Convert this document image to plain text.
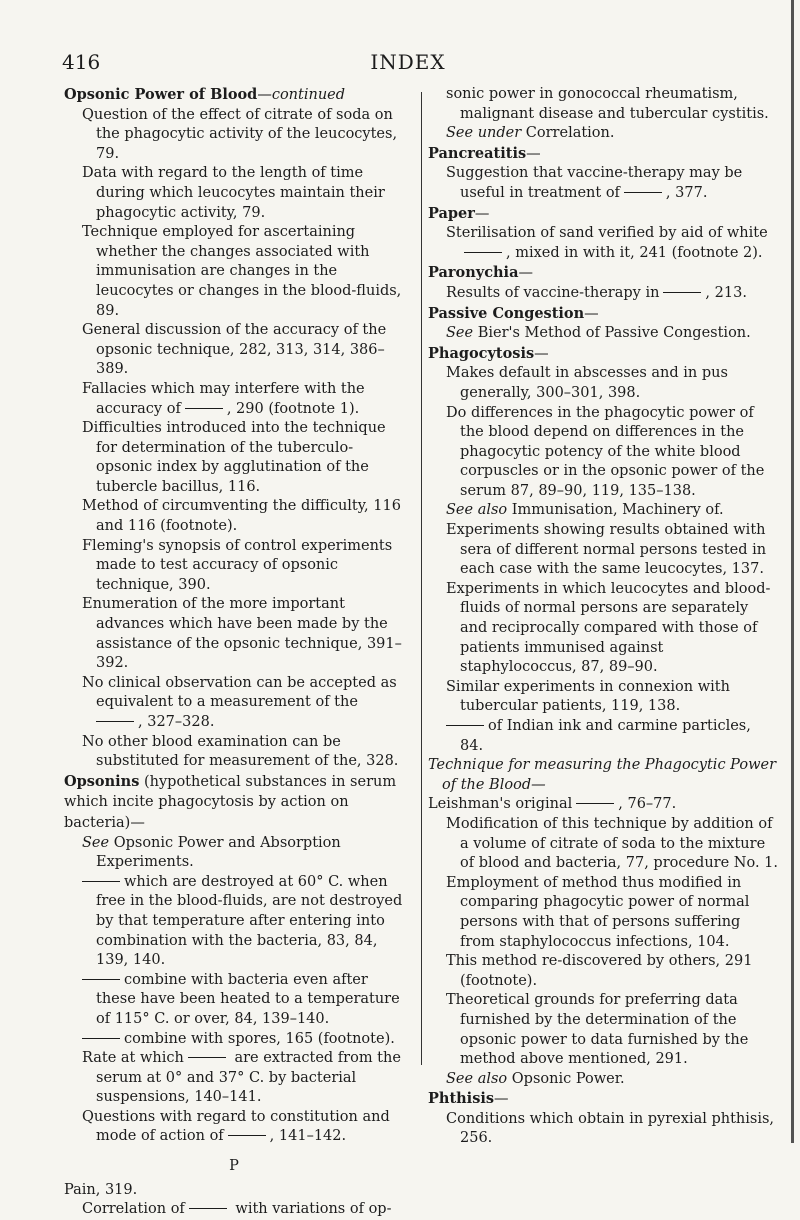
416	INDEX
Opsonic Power of Blood—continued
Question of the effect of citrate of soda on the phagocytic activity of the leucocytes, 79.
Data with regard to the length of time during which leucocytes maintain their phagocytic activity, 79.
Technique employed for ascertaining whether the changes associated with immunisation are changes in the leucocytes or changes in the blood-fluids, 89.
General discussion of the accuracy of the opsonic technique, 282, 313, 314, 386–389.
Fallacies which may interfere with the accuracy of	, 290 (footnote 1).
Difficulties introduced into the technique for determination of the tuberculo-opsonic index by agglutination of the tubercle bacillus, 116.
Method of circumventing the difficulty, 116 and 116 (footnote).
Fleming's synopsis of control experiments made to test accuracy of opsonic technique, 390.
Enumeration of the more important advances which have been made by the assistance of the opsonic technique, 391–392.
No clinical observation can be accepted as equivalent to a measurement of the
, 327–328.
No other blood examination can be substituted for measurement of the, 328.
Opsonins (hypothetical substances in serum which incite phagocytosis by action on bacteria)—
See Opsonic Power and Absorption Experiments.
which are destroyed at 60° C. when free in the blood-fluids, are not destroyed by that temperature after entering into combination with the bacteria, 83, 84, 139, 140.
combine with bacteria even after these have been heated to a temperature of 115° C. or over, 84, 139–140.
combine with spores, 165 (footnote).
Rate at which	are extracted from the serum at 0° and 37° C. by bacterial suspensions, 140–141.
Questions with regard to constitution and mode of action of	, 141–142.
P
Pain, 319.
Correlation of	with variations of op-
sonic power in gonococcal rheumatism, malignant disease and tubercular cystitis.
See under Correlation.
Pancreatitis—
Suggestion that vaccine-therapy may be useful in treatment of	, 377.
Paper—
Sterilisation of sand verified by aid of white, mixed in with it, 241 (footnote 2).
Paronychia—
Results of vaccine-therapy in	, 213.
Passive Congestion—
See Bier's Method of Passive Congestion.
Phagocytosis—
Makes default in abscesses and in pus generally, 300–301, 398.
Do differences in the phagocytic power of the blood depend on differences in the phagocytic potency of the white blood corpuscles or in the opsonic power of the serum 87, 89–90, 119, 135–138.
See also Immunisation, Machinery of.
Experiments showing results obtained with sera of different normal persons tested in each case with the same leucocytes, 137.
Experiments in which leucocytes and blood-fluids of normal persons are separately and reciprocally compared with those of patients immunised against staphylococcus, 87, 89–90.
Similar experiments in connexion with tubercular patients, 119, 138.
of Indian ink and carmine particles, 84.
Technique for measuring the Phagocytic Power of the Blood—
Leishman's original	, 76–77.
Modification of this technique by addition of a volume of citrate of soda to the mixture of blood and bacteria, 77, procedure No. 1.
Employment of method thus modified in comparing phagocytic power of normal persons with that of persons suffering from staphylococcus infections, 104.
This method re-discovered by others, 291 (footnote).
Theoretical grounds for preferring data furnished by the determination of the opsonic power to data furnished by the method above mentioned, 291.
See also Opsonic Power.
Phthisis—
Conditions which obtain in pyrexial phthisis, 256.
